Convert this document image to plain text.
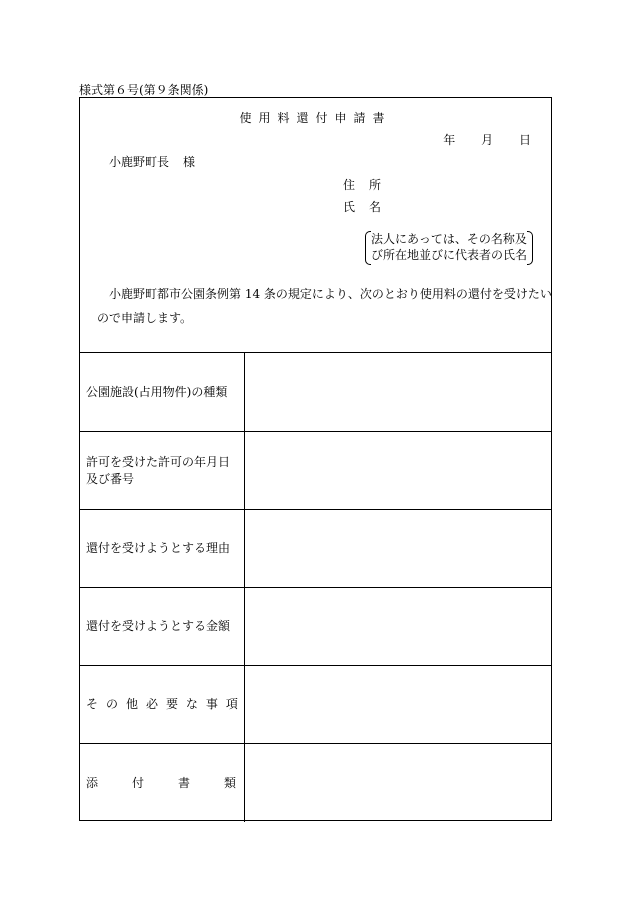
様式第６号(第９条関係)
使用料還付申請書
年 月 日
小鹿野町長 様
住所
氏名
法人にあっては、その名称及
び所在地並びに代表者の氏名
小鹿野町都市公園条例第 14 条の規定により、次のとおり使用料の還付を受けたいので申請します。
公園施設(占用物件)の種類
許可を受けた許可の年月日
及び番号
還付を受けようとする理由
還付を受けようとする金額
そ の 他 必 要 な 事 項
添	付	書	類
